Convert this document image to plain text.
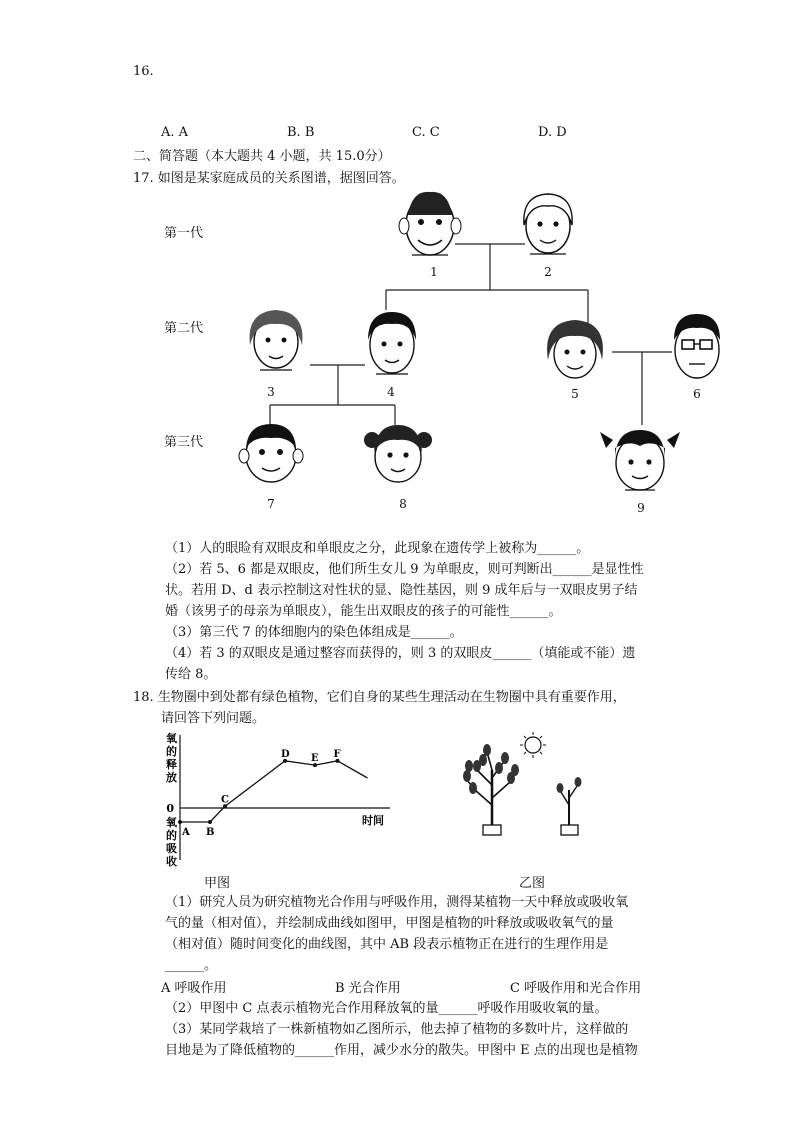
16.
A. A	B. B	C. C	D. D
二、简答题（本大题共 4 小题，共 15.0分）
17. 如图是某家庭成员的关系图谱，据图回答。
第一代
第二代
第三代
1	2
3	4	5	6
7	8	9
（1）人的眼睑有双眼皮和单眼皮之分，此现象在遗传学上被称为______。
（2）若 5、6 都是双眼皮，他们所生女儿 9 为单眼皮，则可判断出______是显性性
状。若用 D、d 表示控制这对性状的显、隐性基因，则 9 成年后与一双眼皮男子结
婚（该男子的母亲为单眼皮），能生出双眼皮的孩子的可能性______。
（3）第三代 7 的体细胞内的染色体组成是______。
（4）若 3 的双眼皮是通过整容而获得的，则 3 的双眼皮______（填能或不能）遗
传给 8。
18. 生物圈中到处都有绿色植物，它们自身的某些生理活动在生物圈中具有重要作用，
请回答下列问题。
0
时间
氧的释放
氧的吸收
A B
C
D E F
甲图	乙图
（1）研究人员为研究植物光合作用与呼吸作用，测得某植物一天中释放或吸收氧
气的量（相对值），并绘制成曲线如图甲，甲图是植物的叶释放或吸收氧气的量
（相对值）随时间变化的曲线图，其中 AB 段表示植物正在进行的生理作用是
______。
A 呼吸作用	B 光合作用	C 呼吸作用和光合作用
（2）甲图中 C 点表示植物光合作用释放氧的量______呼吸作用吸收氧的量。
（3）某同学栽培了一株新植物如乙图所示，他去掉了植物的多数叶片，这样做的
目地是为了降低植物的______作用，减少水分的散失。甲图中 E 点的出现也是植物
